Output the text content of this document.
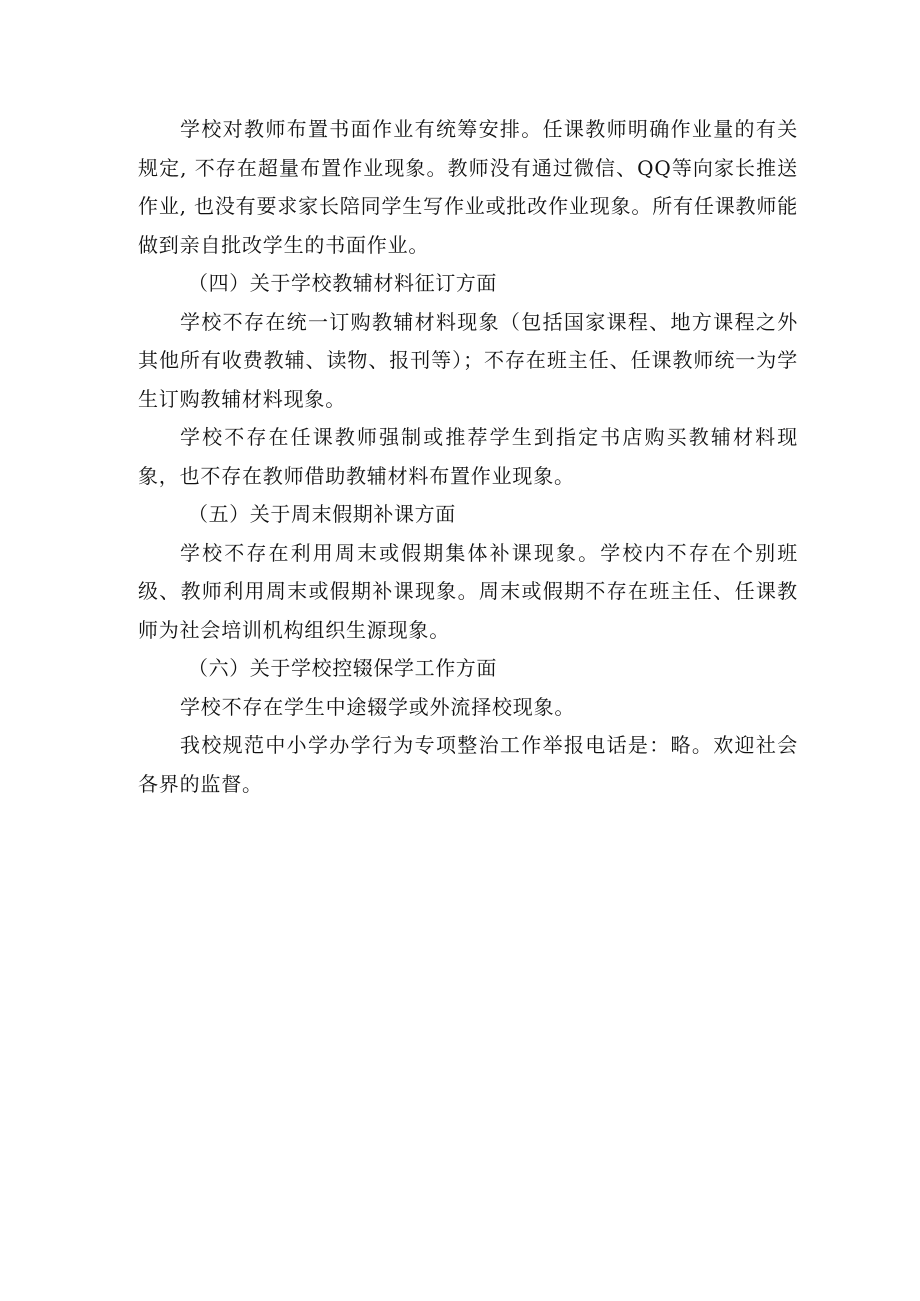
学校对教师布置书面作业有统筹安排。任课教师明确作业量的有关规定, 不存在超量布置作业现象。教师没有通过微信、QQ等向家长推送作业, 也没有要求家长陪同学生写作业或批改作业现象。所有任课教师能做到亲自批改学生的书面作业。

（四）关于学校教辅材料征订方面

学校不存在统一订购教辅材料现象（包括国家课程、地方课程之外其他所有收费教辅、读物、报刊等）；不存在班主任、任课教师统一为学生订购教辅材料现象。

学校不存在任课教师强制或推荐学生到指定书店购买教辅材料现象，也不存在教师借助教辅材料布置作业现象。

（五）关于周末假期补课方面

学校不存在利用周末或假期集体补课现象。学校内不存在个别班级、教师利用周末或假期补课现象。周末或假期不存在班主任、任课教师为社会培训机构组织生源现象。

（六）关于学校控辍保学工作方面

学校不存在学生中途辍学或外流择校现象。

我校规范中小学办学行为专项整治工作举报电话是：略。欢迎社会各界的监督。
